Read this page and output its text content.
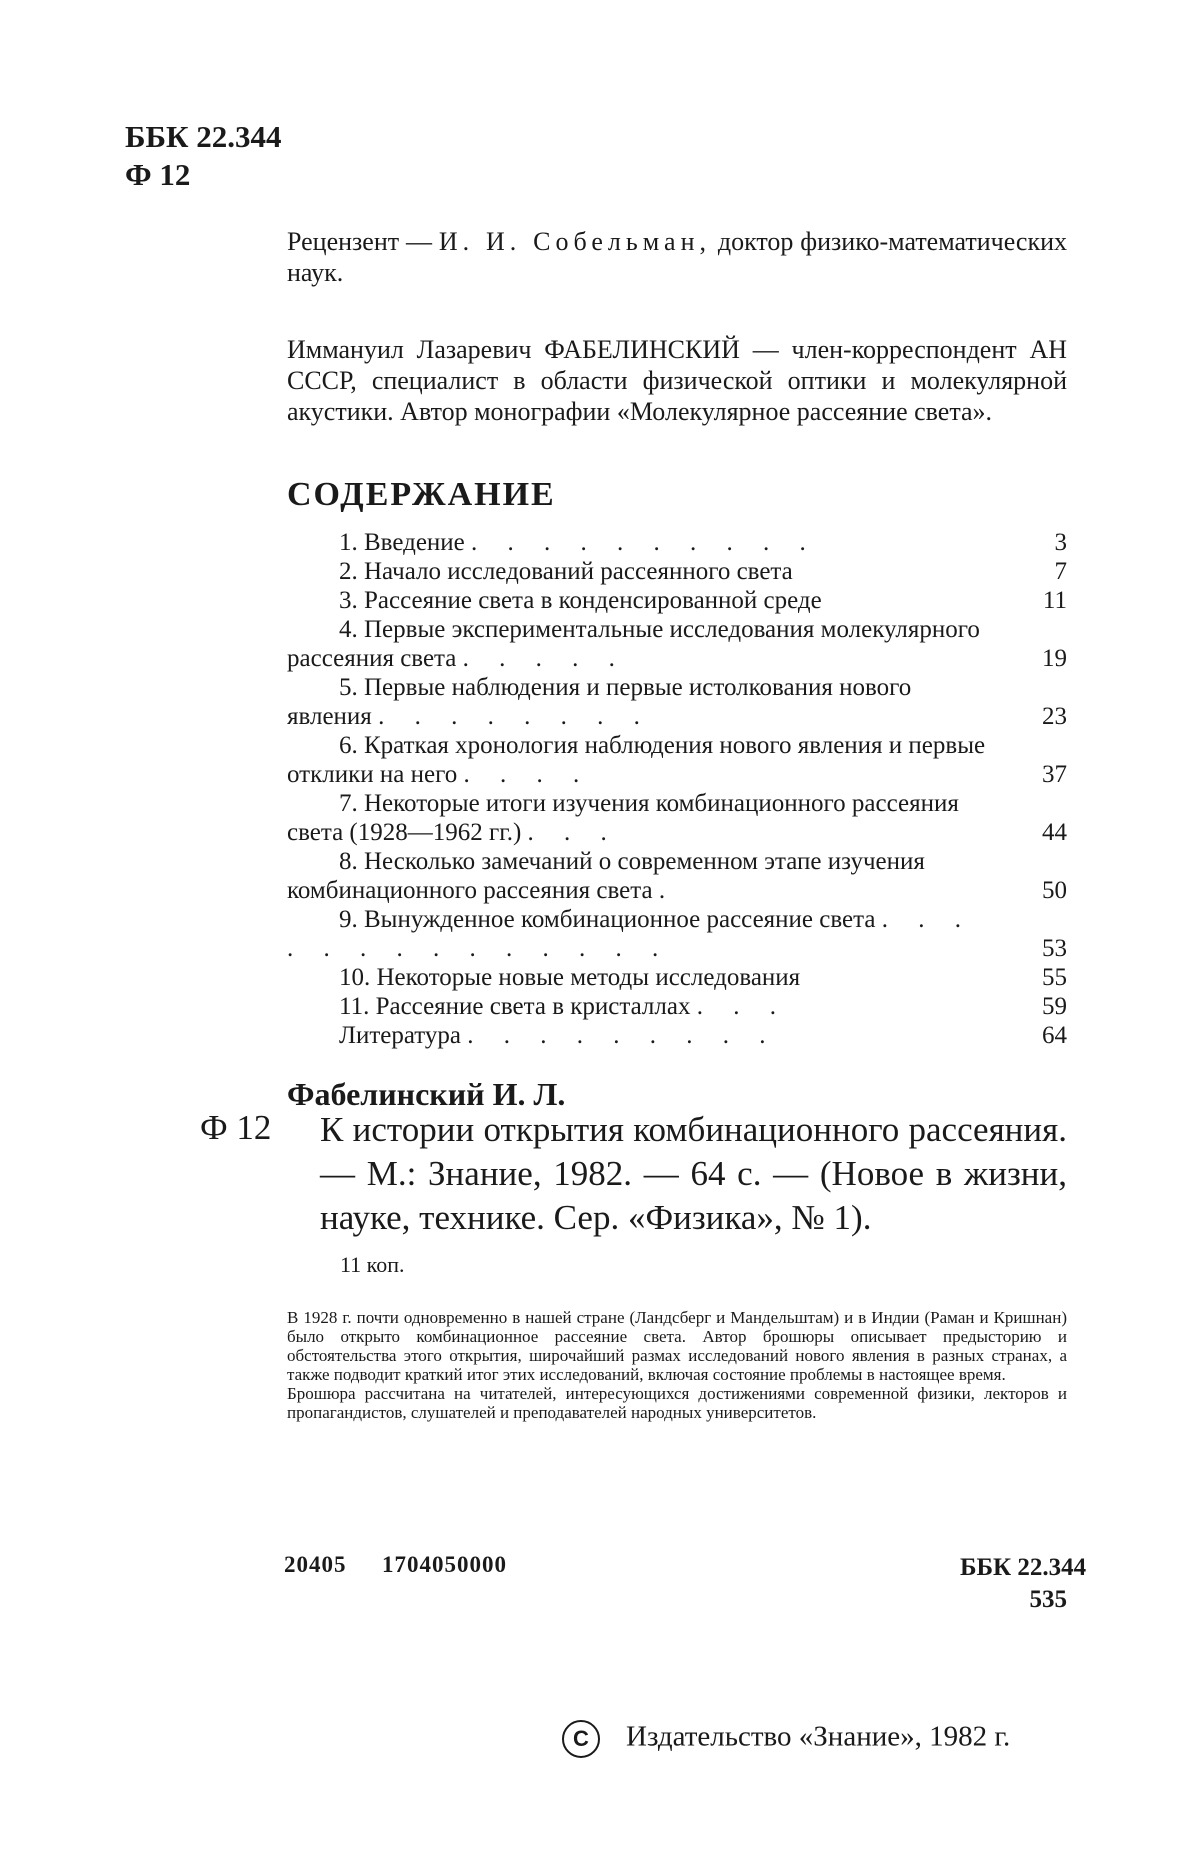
ББК 22.344
Ф 12
Рецензент — И. И. Собельман, доктор физико-математических наук.
Иммануил Лазаревич ФАБЕЛИНСКИЙ — член-корреспондент АН СССР, специалист в области физической оптики и молекулярной акустики. Автор монографии «Молекулярное рассеяние света».
СОДЕРЖАНИЕ
1. Введение . . . . . . . . . .	3
2. Начало исследований рассеянного света	7
3. Рассеяние света в конденсированной среде	11
4. Первые экспериментальные исследования молекулярного рассеяния света . . . . .	19
5. Первые наблюдения и первые истолкования нового явления . . . . . . . .	23
6. Краткая хронология наблюдения нового явления и первые отклики на него . . . .	37
7. Некоторые итоги изучения комбинационного рассеяния света (1928—1962 гг.) . . .	44
8. Несколько замечаний о современном этапе изучения комбинационного рассеяния света .	50
9. Вынужденное комбинационное рассеяние света . . . . . . . . . . . . . .	53
10. Некоторые новые методы исследования	55
11. Рассеяние света в кристаллах . . .	59
Литература . . . . . . . . .	64
Фабелинский И. Л.
Ф 12 К истории открытия комбинационного рассеяния. — М.: Знание, 1982. — 64 с. — (Новое в жизни, науке, технике. Сер. «Физика», № 1).
11 коп.

В 1928 г. почти одновременно в нашей стране (Ландсберг и Мандельштам) и в Индии (Раман и Кришнан) было открыто комбинационное рассеяние света. Автор брошюры описывает предысторию и обстоятельства этого открытия, широчайший размах исследований нового явления в разных странах, а также подводит краткий итог этих исследований, включая состояние проблемы в настоящее время.

Брошюра рассчитана на читателей, интересующихся достижениями современной физики, лекторов и пропагандистов, слушателей и преподавателей народных университетов.

20405 1704050000	ББК 22.344
535
C Издательство «Знание», 1982 г.
